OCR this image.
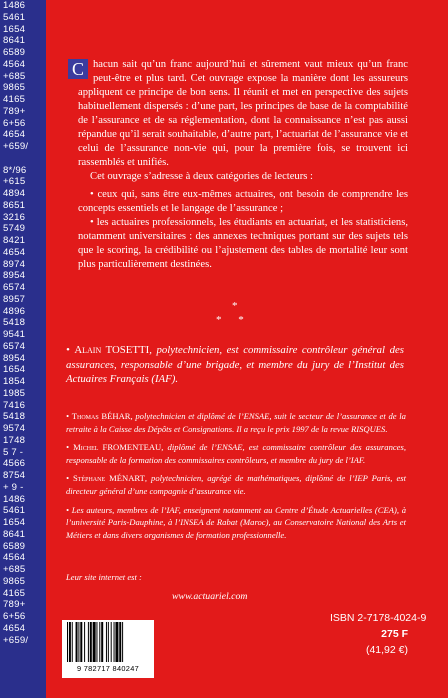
1486
5461
1654
8641
6589
4564
+685
9865
4165
789+
6+56
4654
+659/

8*/96
+615
4894
8651
3216
5749
8421
4654
8974
8954
6574
8957
4896
5418
9541
6574
8954
1654
1854
1985
7416
5418
9574
1748
5 7 -
4566
8754
+ 9 -
1486
5461
1654
8641
6589
4564
+685
9865
4165
789+
6+56
4654
+659/
C hacun sait qu’un franc aujourd’hui et sûrement vaut mieux qu’un franc peut-être et plus tard. Cet ouvrage expose la manière dont les assureurs appliquent ce principe de bon sens. Il réunit et met en perspective des sujets habituellement dispersés : d’une part, les principes de base de la comptabilité de l’assurance et de sa réglementation, dont la connaissance n’est pas aussi répandue qu’il serait souhaitable, d’autre part, l’actuariat de l’assurance vie et celui de l’assurance non-vie qui, pour la première fois, se trouvent ici rassemblés et unifiés.

Cet ouvrage s’adresse à deux catégories de lecteurs :

• ceux qui, sans être eux-mêmes actuaires, ont besoin de comprendre les concepts essentiels et le langage de l’assurance ;

• les actuaires professionnels, les étudiants en actuariat, et les statisticiens, notamment universitaires : des annexes techniques portant sur des sujets tels que le scoring, la crédibilité ou l’ajustement des tables de mortalité leur sont plus particulièrement destinées.

*
* *
• Alain TOSETTI, polytechnicien, est commissaire contrôleur général des assurances, responsable d’une brigade, et membre du jury de l’Institut des Actuaires Français (IAF).

• Thomas BÉHAR, polytechnicien et diplômé de l’ENSAE, suit le secteur de l’assurance et de la retraite à la Caisse des Dépôts et Consignations. Il a reçu le prix 1997 de la revue RISQUES.

• Michel FROMENTEAU, diplômé de l’ENSAE, est commissaire contrôleur des assurances, responsable de la formation des commissaires contrôleurs, et membre du jury de l’IAF.

• Stéphane MÉNART, polytechnicien, agrégé de mathématiques, diplômé de l’IEP Paris, est directeur général d’une compagnie d’assurance vie.

• Les auteurs, membres de l’IAF, enseignent notamment au Centre d’Étude Actuarielles (CEA), à l’université Paris-Dauphine, à l’INSEA de Rabat (Maroc), au Conservatoire National des Arts et Métiers et dans divers organismes de formation professionnelle.

Leur site internet est :
www.actuariel.com
ISBN 2-7178-4024-9
275 F
(41,92 €)
9 782717 840247
